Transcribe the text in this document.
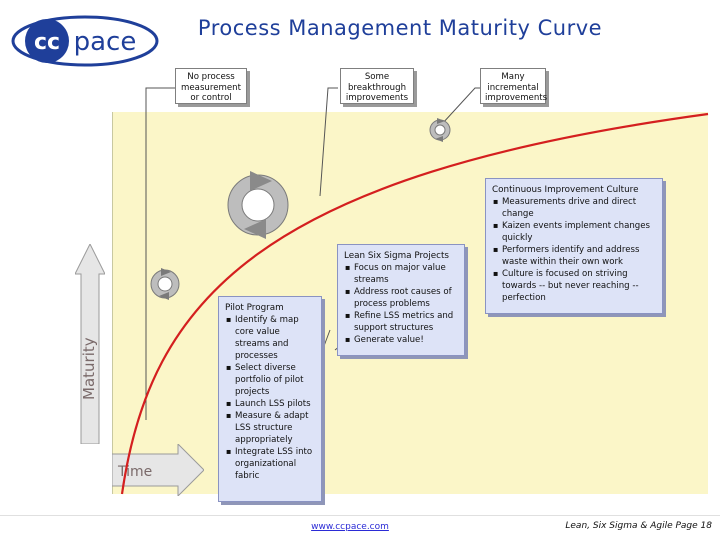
cc pace	Process Management Maturity Curve
Maturity
Time
No process measurement or control
Some breakthrough improvements
Many incremental improvements
Pilot Program
▪ Identify & map core value streams and processes
▪ Select diverse portfolio of pilot projects
▪ Launch LSS pilots
▪ Measure & adapt LSS structure appropriately
▪ Integrate LSS into organizational fabric
Lean Six Sigma Projects
▪ Focus on major value streams
▪ Address root causes of process problems
▪ Refine LSS metrics and support structures
▪ Generate value!
Continuous Improvement Culture
▪ Measurements drive and direct change
▪ Kaizen events implement changes quickly
▪ Performers identify and address waste within their own work
▪ Culture is focused on striving towards -- but never reaching -- perfection
www.ccpace.com	Lean, Six Sigma & Agile Page 18
